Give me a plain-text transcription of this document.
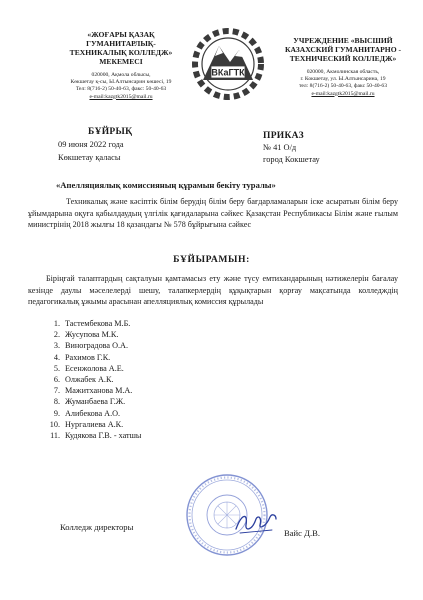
«ЖОҒАРЫ ҚАЗАҚ
ГУМАНИТАРЛЫҚ-
ТЕХНИКАЛЫҚ КОЛЛЕДЖ»
МЕКЕМЕСІ
020000, Ақмола облысы,
Көкшетау қ-сы, Ы.Алтынсарин көшесі, 19
Тел: 8(716-2) 50-40-63, факс: 50-40-63
e-mail:kazgtk2015@mail.ru
ВКаГТК
УЧРЕЖДЕНИЕ «ВЫСШИЙ
КАЗАХСКИЙ ГУМАНИТАРНО -
ТЕХНИЧЕСКИЙ КОЛЛЕДЖ»
020000, Акмолинская область,
г. Кокшетау, ул. Ы.Алтынсарина, 19
тел: 8(716-2) 50-40-63, факс 50-40-63
e-mail:kazgtk2015@mail.ru
БҰЙРЫҚ
09 июня 2022 года
Көкшетау қаласы
ПРИКАЗ
№ 41 О/д
город Кокшетау
«Апелляциялық комиссияның құрамын бекіту туралы»
Техникалық және кәсіптік білім берудің білім беру бағдарламаларын іске асыратын білім беру ұйымдарына оқуға қабылдаудың үлгілік қағидаларына сәйкес Қазақстан Республикасы Білім және ғылым министрінің 2018 жылғы 18 қазандағы № 578 бұйрығына сәйкес
БҰЙЫРАМЫН:
Біріңғай талаптардың сақталуын қамтамасыз ету және түсу емтихандарының нәтижелерін бағалау кезінде даулы мәселелерді шешу, талапкерлердің құқықтарын қорғау мақсатында колледждің педагогикалық ұжымы арасынан апелляциялық комиссия құрылады
1. Тастембекова М.Б.
2. Жусупова М.К.
3. Виноградова О.А.
4. Рахимов Г.К.
5. Есенжолова А.Е.
6. Олжабек А.К.
7. Мажитханова М.А.
8. Жуманбаева Г.Ж.
9. Алибекова А.О.
10. Нургалиева А.К.
11. Кудякова Г.В. - хатшы
Колледж директоры
Вайс Д.В.
